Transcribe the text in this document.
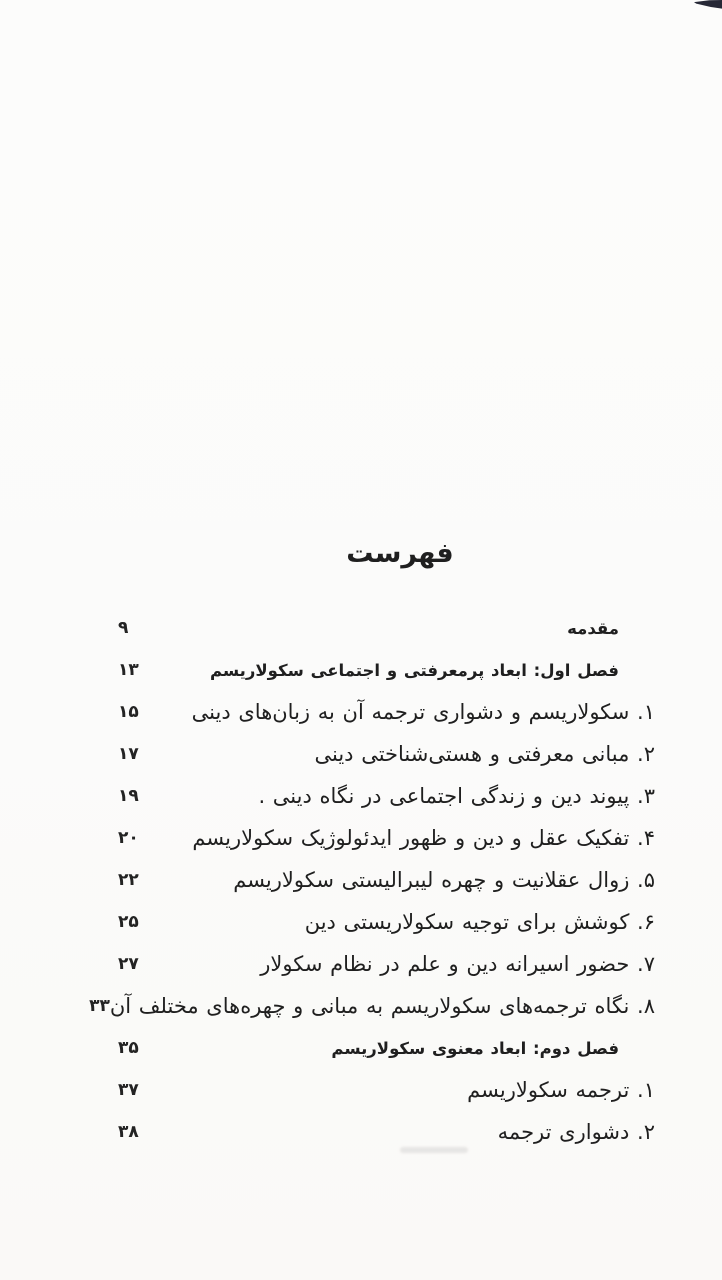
فهرست
مقدمه
۹
فصل اول: ابعاد پرمعرفتی و اجتماعی سکولاریسم
۱۳
۱. سکولاریسم و دشواری ترجمه آن به زبان‌های دینی
۱۵
۲. مبانی معرفتی و هستی‌شناختی دینی
۱۷
۳. پیوند دین و زندگی اجتماعی در نگاه دینی .
۱۹
۴. تفکیک عقل و دین و ظهور ایدئولوژیک سکولاریسم
۲۰
۵. زوال عقلانیت و چهره لیبرالیستی سکولاریسم
۲۲
۶. کوشش برای توجیه سکولاریستی دین
۲۵
۷. حضور اسیرانه دین و علم در نظام سکولار
۲۷
۸. نگاه ترجمه‌های سکولاریسم به مبانی و چهره‌های مختلف آن
۳۳
فصل دوم: ابعاد معنوی سکولاریسم
۳۵
۱. ترجمه سکولاریسم
۳۷
۲. دشواری ترجمه
۳۸
